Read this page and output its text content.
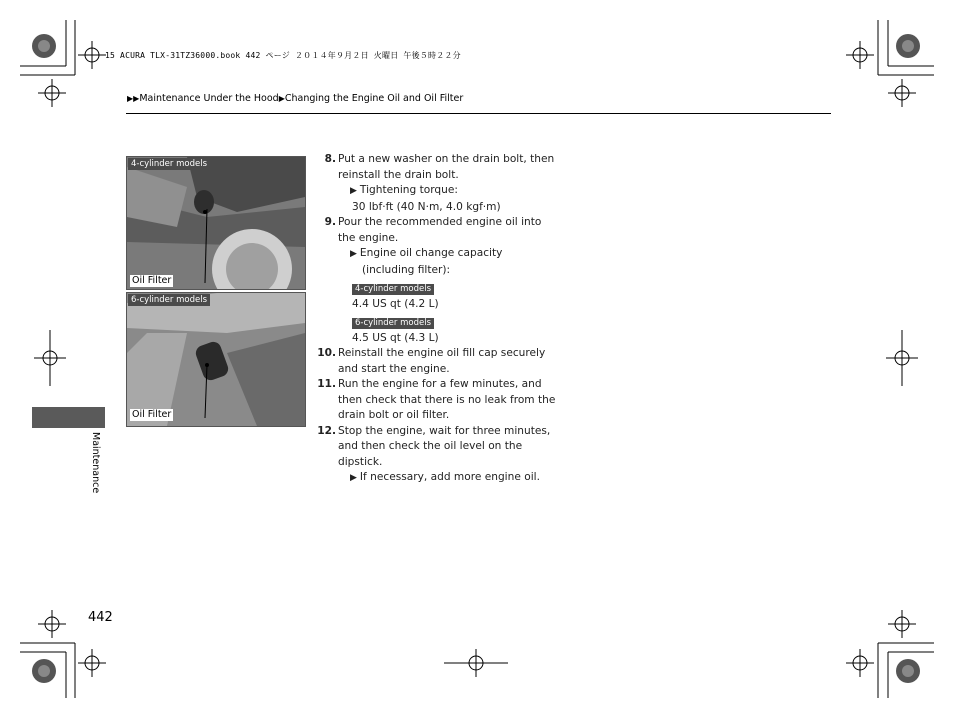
15 ACURA TLX-31TZ36000.book 442 ページ ２０１４年９月２日 火曜日 午後５時２２分
▶▶Maintenance Under the Hood▶Changing the Engine Oil and Oil Filter
4-cylinder models
Oil Filter
6-cylinder models
Oil Filter

8. Put a new washer on the drain bolt, then reinstall the drain bolt.

▶ Tightening torque:

30 lbf·ft (40 N·m, 4.0 kgf·m)

9. Pour the recommended engine oil into the engine.

▶ Engine oil change capacity (including filter):

4-cylinder models

4.4 US qt (4.2 L)

6-cylinder models

4.5 US qt (4.3 L)

10. Reinstall the engine oil fill cap securely and start the engine.

11. Run the engine for a few minutes, and then check that there is no leak from the drain bolt or oil filter.

12. Stop the engine, wait for three minutes, and then check the oil level on the dipstick.

▶ If necessary, add more engine oil.

Maintenance
442
